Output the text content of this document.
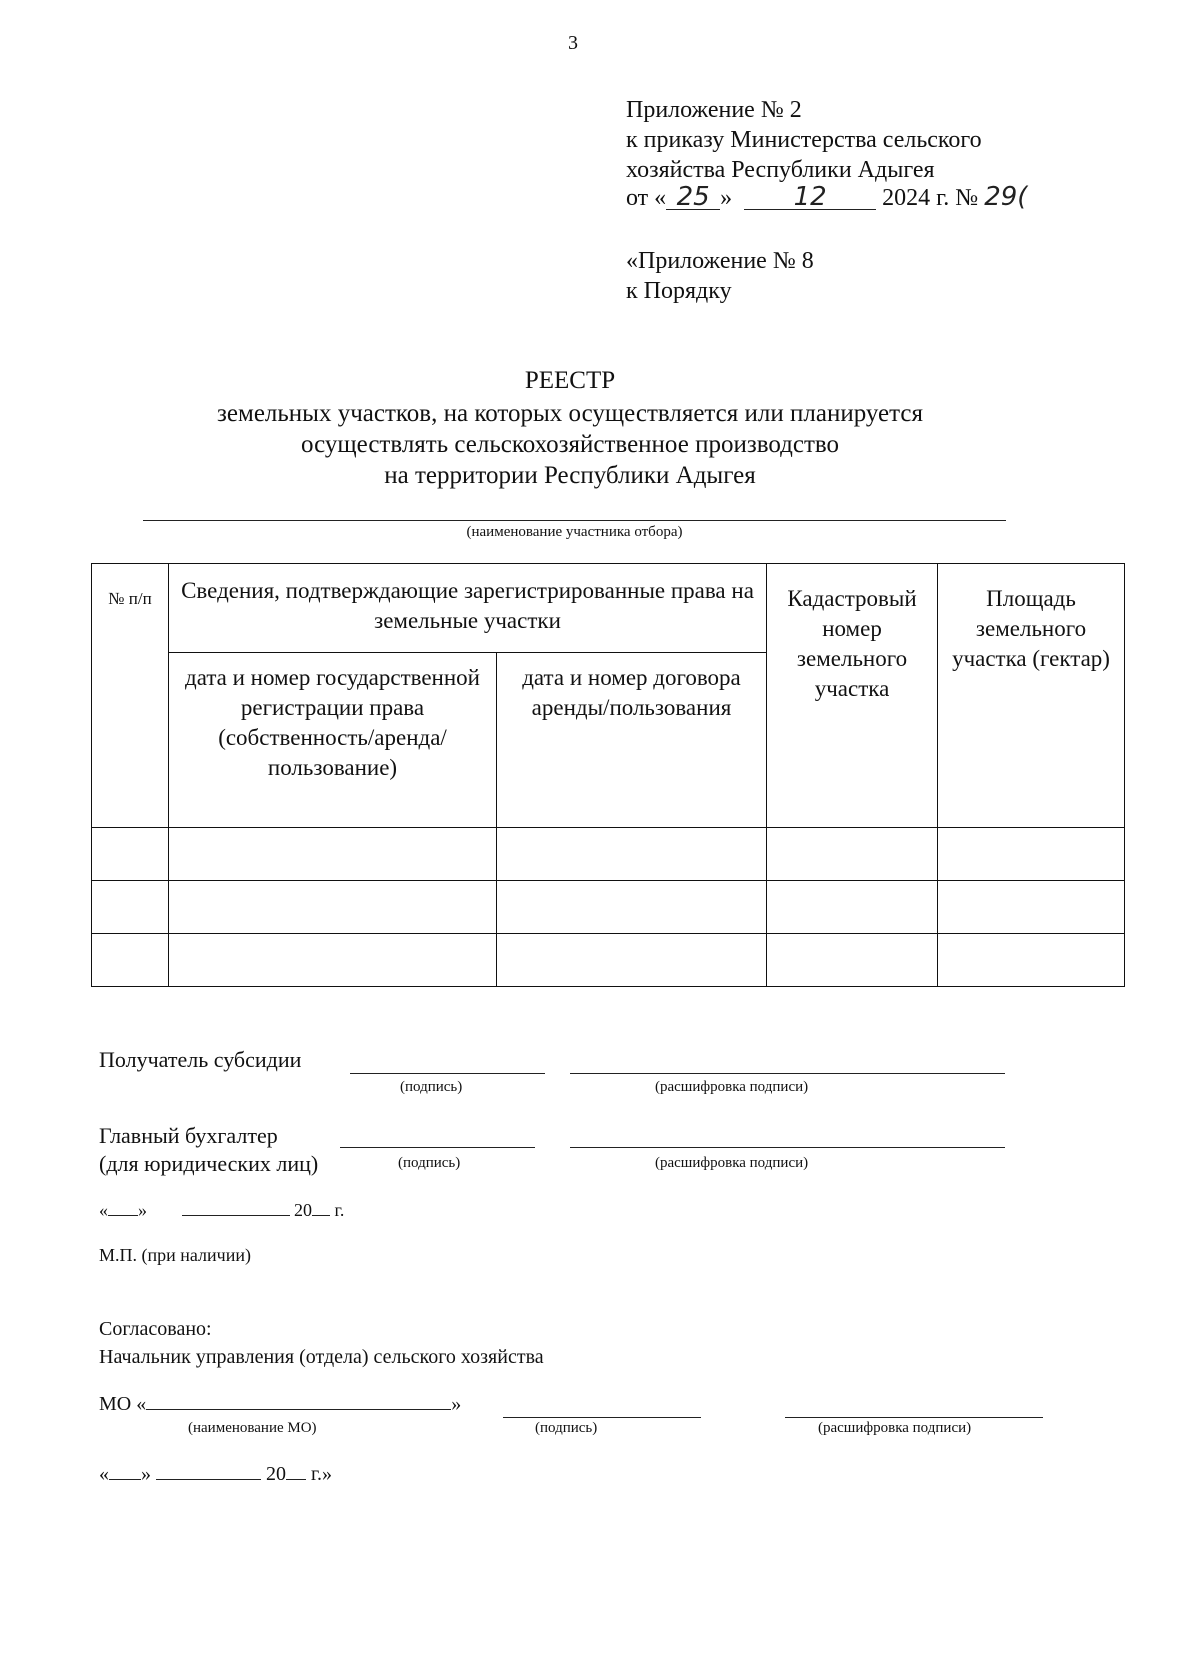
3
Приложение № 2
к приказу Министерства сельского
хозяйства Республики Адыгея
от « 25 » 12 2024 г. № 29(
«Приложение № 8
к Порядку
РЕЕСТР
земельных участков, на которых осуществляется или планируется
осуществлять сельскохозяйственное производство
на территории Республики Адыгея
(наименование участника отбора)
№ п/п	Сведения, подтверждающие зарегистрированные права на земельные участки		Кадастровый номер земельного участка	Площадь земельного участка (гектар)
	дата и номер государственной регистрации права (собственность/аренда/ пользование)	дата и номер договора аренды/пользования		

Получатель субсидии
(подпись)	(расшифровка подписи)
Главный бухгалтер
(для юридических лиц)	(подпись)	(расшифровка подписи)
« »	20 г.
М.П. (при наличии)
Согласовано:
Начальник управления (отдела) сельского хозяйства
МО «	»
(наименование МО)	(подпись)	(расшифровка подписи)
« »	20 г.»
